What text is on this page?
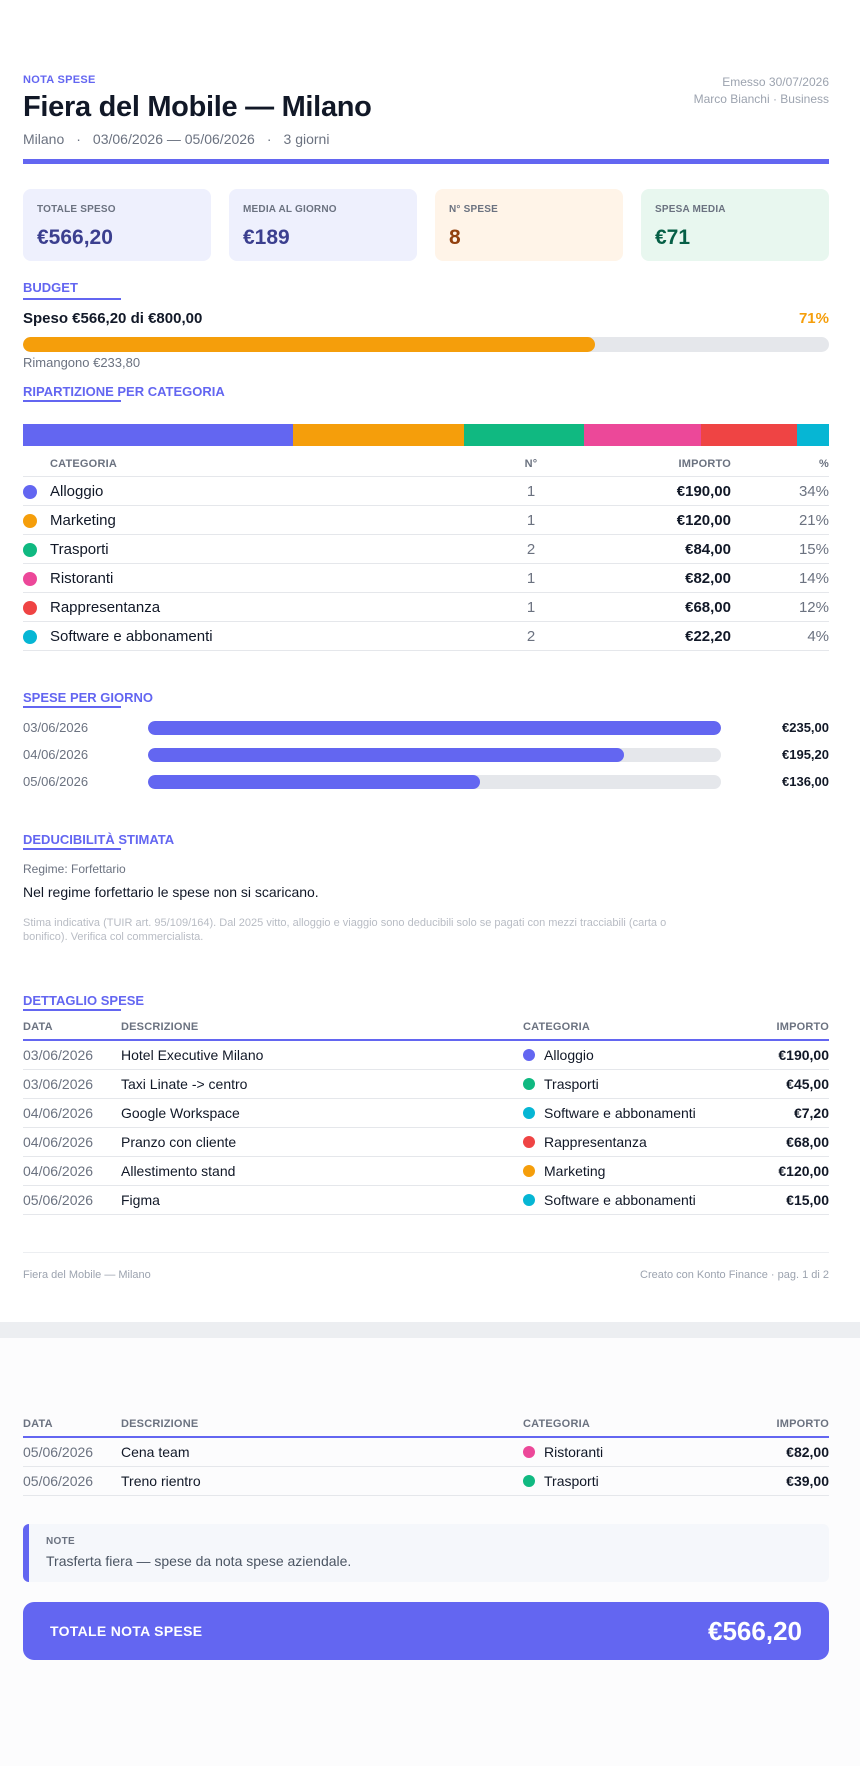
NOTA SPESE
Fiera del Mobile — Milano
Milano · 03/06/2026 — 05/06/2026 · 3 giorni
Emesso 30/07/2026
Marco Bianchi · Business
TOTALE SPESO
€566,20
MEDIA AL GIORNO
€189
N° SPESE
8
SPESA MEDIA
€71
BUDGET
Speso €566,20 di €800,00	71%
Rimangono €233,80
RIPARTIZIONE PER CATEGORIA
	CATEGORIA	N°	IMPORTO	%
	Alloggio	1	€190,00	34%
	Marketing	1	€120,00	21%
	Trasporti	2	€84,00	15%
	Ristoranti	1	€82,00	14%
	Rappresentanza	1	€68,00	12%
	Software e abbonamenti	2	€22,20	4%
SPESE PER GIORNO
03/06/2026	€235,00
04/06/2026	€195,20
05/06/2026	€136,00
DEDUCIBILITÀ STIMATA
Regime: Forfettario
Nel regime forfettario le spese non si scaricano.
Stima indicativa (TUIR art. 95/109/164). Dal 2025 vitto, alloggio e viaggio sono deducibili solo se pagati con mezzi tracciabili (carta o bonifico). Verifica col commercialista.
DETTAGLIO SPESE
DATA	DESCRIZIONE	CATEGORIA	IMPORTO
03/06/2026	Hotel Executive Milano	Alloggio	€190,00
03/06/2026	Taxi Linate -> centro	Trasporti	€45,00
04/06/2026	Google Workspace	Software e abbonamenti	€7,20
04/06/2026	Pranzo con cliente	Rappresentanza	€68,00
04/06/2026	Allestimento stand	Marketing	€120,00
05/06/2026	Figma	Software e abbonamenti	€15,00
Fiera del Mobile — Milano	Creato con Konto Finance · pag. 1 di 2
DATA	DESCRIZIONE	CATEGORIA	IMPORTO
05/06/2026	Cena team	Ristoranti	€82,00
05/06/2026	Treno rientro	Trasporti	€39,00
NOTE
Trasferta fiera — spese da nota spese aziendale.
TOTALE NOTA SPESE	€566,20
